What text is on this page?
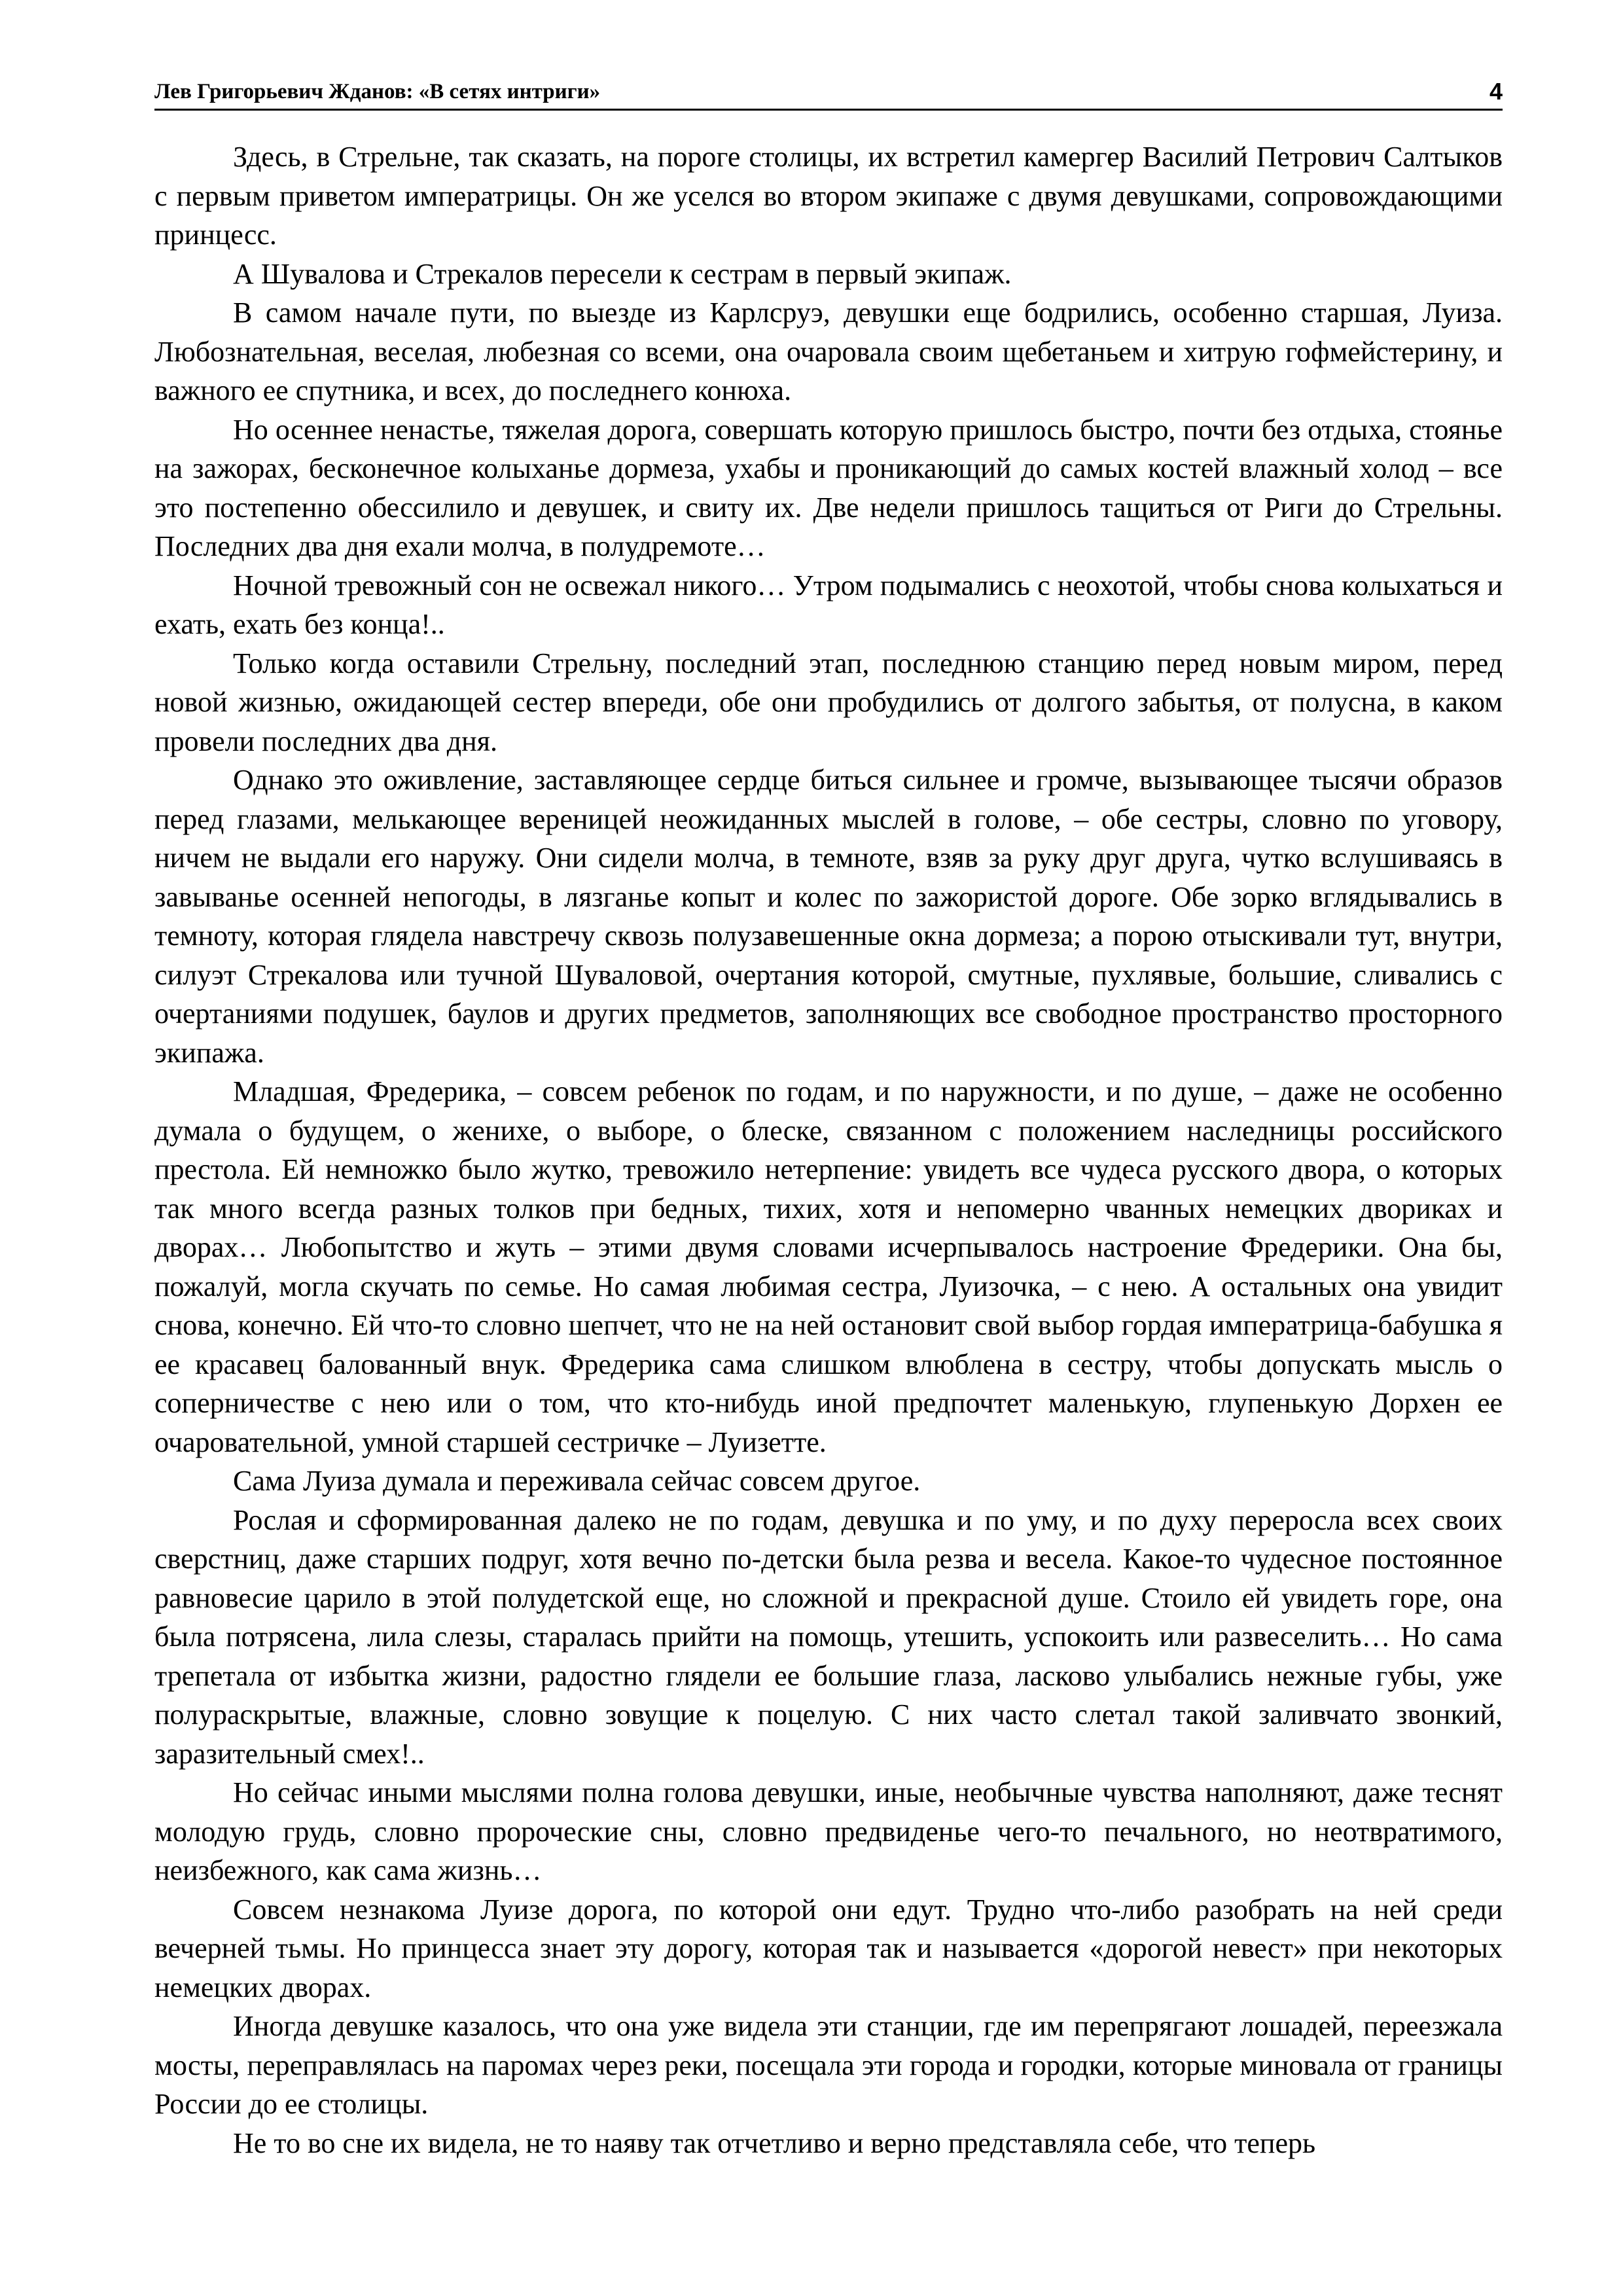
Лев Григорьевич Жданов: «В сетях интриги»	4

Здесь, в Стрельне, так сказать, на пороге столицы, их встретил камергер Василий Петрович Салтыков с первым приветом императрицы. Он же уселся во втором экипаже с двумя девушками, сопровождающими принцесс.

А Шувалова и Стрекалов пересели к сестрам в первый экипаж.

В самом начале пути, по выезде из Карлсруэ, девушки еще бодрились, особенно старшая, Луиза. Любознательная, веселая, любезная со всеми, она очаровала своим щебетаньем и хитрую гофмейстерину, и важного ее спутника, и всех, до последнего конюха.

Но осеннее ненастье, тяжелая дорога, совершать которую пришлось быстро, почти без отдыха, стоянье на зажорах, бесконечное колыханье дормеза, ухабы и проникающий до самых костей влажный холод – все это постепенно обессилило и девушек, и свиту их. Две недели пришлось тащиться от Риги до Стрельны. Последних два дня ехали молча, в полудремоте…

Ночной тревожный сон не освежал никого… Утром подымались с неохотой, чтобы снова колыхаться и ехать, ехать без конца!..

Только когда оставили Стрельну, последний этап, последнюю станцию перед новым миром, перед новой жизнью, ожидающей сестер впереди, обе они пробудились от долгого забытья, от полусна, в каком провели последних два дня.

Однако это оживление, заставляющее сердце биться сильнее и громче, вызывающее тысячи образов перед глазами, мелькающее вереницей неожиданных мыслей в голове, – обе сестры, словно по уговору, ничем не выдали его наружу. Они сидели молча, в темноте, взяв за руку друг друга, чутко вслушиваясь в завыванье осенней непогоды, в лязганье копыт и колес по зажористой дороге. Обе зорко вглядывались в темноту, которая глядела навстречу сквозь полузавешенные окна дормеза; а порою отыскивали тут, внутри, силуэт Стрекалова или тучной Шуваловой, очертания которой, смутные, пухлявые, большие, сливались с очертаниями подушек, баулов и других предметов, заполняющих все свободное пространство просторного экипажа.

Младшая, Фредерика, – совсем ребенок по годам, и по наружности, и по душе, – даже не особенно думала о будущем, о женихе, о выборе, о блеске, связанном с положением наследницы российского престола. Ей немножко было жутко, тревожило нетерпение: увидеть все чудеса русского двора, о которых так много всегда разных толков при бедных, тихих, хотя и непомерно чванных немецких двориках и дворах… Любопытство и жуть – этими двумя словами исчерпывалось настроение Фредерики. Она бы, пожалуй, могла скучать по семье. Но самая любимая сестра, Луизочка, – с нею. А остальных она увидит снова, конечно. Ей что-то словно шепчет, что не на ней остановит свой выбор гордая императрица-бабушка я ее красавец балованный внук. Фредерика сама слишком влюблена в сестру, чтобы допускать мысль о соперничестве с нею или о том, что кто-нибудь иной предпочтет маленькую, глупенькую Дорхен ее очаровательной, умной старшей сестричке – Луизетте.

Сама Луиза думала и переживала сейчас совсем другое.

Рослая и сформированная далеко не по годам, девушка и по уму, и по духу переросла всех своих сверстниц, даже старших подруг, хотя вечно по-детски была резва и весела. Какое-то чудесное постоянное равновесие царило в этой полудетской еще, но сложной и прекрасной душе. Стоило ей увидеть горе, она была потрясена, лила слезы, старалась прийти на помощь, утешить, успокоить или развеселить… Но сама трепетала от избытка жизни, радостно глядели ее большие глаза, ласково улыбались нежные губы, уже полураскрытые, влажные, словно зовущие к поцелую. С них часто слетал такой заливчато звонкий, заразительный смех!..

Но сейчас иными мыслями полна голова девушки, иные, необычные чувства наполняют, даже теснят молодую грудь, словно пророческие сны, словно предвиденье чего-то печального, но неотвратимого, неизбежного, как сама жизнь…

Совсем незнакома Луизе дорога, по которой они едут. Трудно что-либо разобрать на ней среди вечерней тьмы. Но принцесса знает эту дорогу, которая так и называется «дорогой невест» при некоторых немецких дворах.

Иногда девушке казалось, что она уже видела эти станции, где им перепрягают лошадей, переезжала мосты, переправлялась на паромах через реки, посещала эти города и городки, которые миновала от границы России до ее столицы.

Не то во сне их видела, не то наяву так отчетливо и верно представляла себе, что теперь
